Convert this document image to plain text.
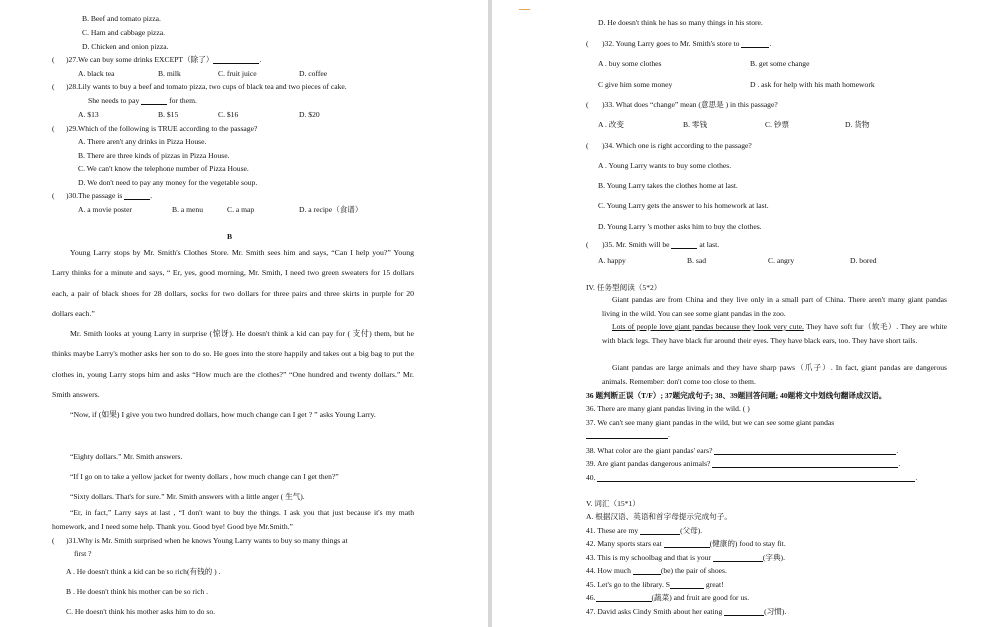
B. Beef and tomato pizza.
C. Ham and cabbage pizza.
D. Chicken and onion pizza.
( )27.We can buy some drinks EXCEPT（除了）	.
A. black tea	B. milk	C. fruit juice	D. coffee
( )28.Lily wants to buy a beef and tomato pizza, two cups of black tea and two pieces of cake.
She needs to pay	for them.
A. $13	B. $15	C. $16	D. $20
( )29.Which of the following is TRUE according to the passage?
A. There aren't any drinks in Pizza House.
B. There are three kinds of pizzas in Pizza House.
C. We can't know the telephone number of Pizza House.
D. We don't need to pay any money for the vegetable soup.
( )30.The passage is	.
A. a movie poster	B. a menu	C. a map	D. a recipe（食谱）
B
Young Larry stops by Mr. Smith's Clothes Store. Mr. Smith sees him and says, “Can I help you?” Young Larry thinks for a minute and says, “ Er, yes, good morning, Mr. Smith, I need two green sweaters for 15 dollars each, a pair of black shoes for 28 dollars, socks for two dollars for three pairs and three skirts in purple for 20 dollars each.”
Mr. Smith looks at young Larry in surprise (惊讶). He doesn't think a kid can pay for ( 支付) them, but he thinks maybe Larry's mother asks her son to do so. He goes into the store happily and takes out a big bag to put the clothes in, young Larry stops him and asks “How much are the clothes?” “One hundred and twenty dollars.” Mr. Smith answers.
“Now, if (如果) I give you two hundred dollars, how much change can I get ? ” asks Young Larry.
“Eighty dollars.” Mr. Smith answers.
“If I go on to take a yellow jacket for twenty dollars , how much change can I get then?”
“Sixty dollars. That's for sure.” Mr. Smith answers with a little anger ( 生气).
“Er, in fact,” Larry says at last , “I don't want to buy the things. I ask you that just because it's my math homework, and I need some help. Thank you. Good bye! Good bye Mr.Smith.”
( )31.Why is Mr. Smith surprised when he knows Young Larry wants to buy so many things at
first ?
A . He doesn't think a kid can be so rich(有钱的 ) .
B . He doesn't think his mother can be so rich .
C. He doesn't think his mother asks him to do so.
D. He doesn't think he has so many things in his store.
( )32. Young Larry goes to Mr. Smith's store to	.
A . buy some clothes	B. get some change
C give him some money	D . ask for help with his math homework
( )33. What does “change” mean (意思是 ) in this passage?
A . 改变	B. 零钱	C. 钞票	D. 货物
( )34. Which one is right according to the passage?
A . Young Larry wants to buy some clothes.
B. Young Larry takes the clothes home at last.
C. Young Larry gets the answer to his homework at last.
D. Young Larry 's mother asks him to buy the clothes.
( )35. Mr. Smith will be	at last.
A. happy	B. sad	C. angry	D. bored
IV. 任务型阅读（5*2）
Giant pandas are from China and they live only in a small part of China. There aren't many giant pandas living in the wild. You can see some giant pandas in the zoo.
Lots of people love giant pandas because they look very cute. They have soft fur（软毛）. They are white with black legs. They have black fur around their eyes. They have black ears, too. They have short tails.
Giant pandas are large animals and they have sharp paws（爪子）. In fact, giant pandas are dangerous animals. Remember: don't come too close to them.
36 题判断正误（T/F）; 37题完成句子; 38、39题回答问题; 40题将文中划线句翻译成汉语。
36. There are many giant pandas living in the wild. ( )
37. We can't see many giant pandas in the wild, but we can see some giant pandas
.
38. What color are the giant pandas' ears?	.
39. Are giant pandas dangerous animals?	.
40.	.
V. 词汇（15*1）
A. 根据汉语、英语和首字母提示完成句子。
41. These are my	(父母).
42. Many sports stars eat	(健康的) food to stay fit.
43. This is my schoolbag and that is your	(字典).
44. How much	(be) the pair of shoes.
45. Let's go to the library. S	great!
46.	(蔬菜) and fruit are good for us.
47. David asks Cindy Smith about her eating	(习惯).
